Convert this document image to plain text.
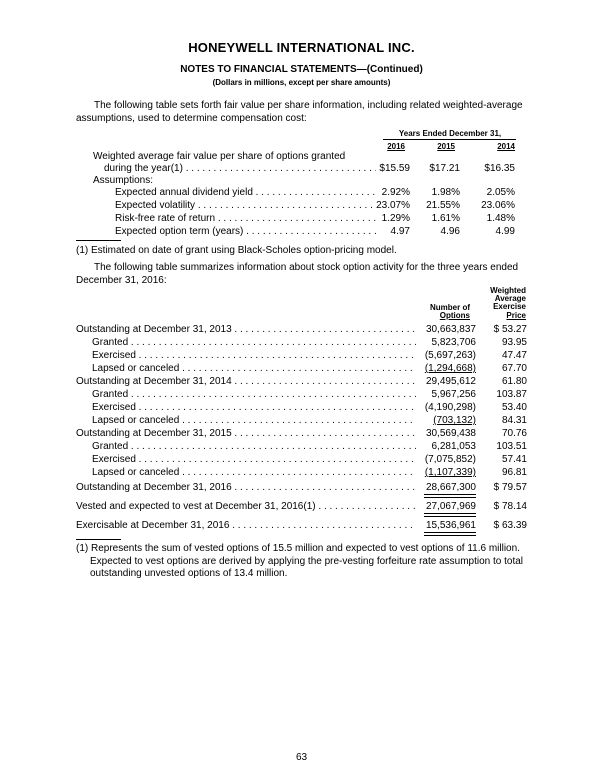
HONEYWELL INTERNATIONAL INC.
NOTES TO FINANCIAL STATEMENTS—(Continued)
(Dollars in millions, except per share amounts)
The following table sets forth fair value per share information, including related weighted-average assumptions, used to determine compensation cost:
Years Ended December 31,
2016	2015	2014
Weighted average fair value per share of options granted
during the year(1) . . .	$15.59	$17.21	$16.35
Assumptions:
Expected annual dividend yield . . .	2.92%	1.98%	2.05%
Expected volatility . . .	23.07%	21.55%	23.06%
Risk-free rate of return . . .	1.29%	1.61%	1.48%
Expected option term (years) . . .	4.97	4.96	4.99
(1) Estimated on date of grant using Black-Scholes option-pricing model.
The following table summarizes information about stock option activity for the three years ended December 31, 2016:
Weighted
Average
Exercise
Price
Number of
Options
Outstanding at December 31, 2013 . . .	30,663,837	$ 53.27
Granted . . .	5,823,706	93.95
Exercised . . .	(5,697,263)	47.47
Lapsed or canceled . . .	(1,294,668)	67.70
Outstanding at December 31, 2014 . . .	29,495,612	61.80
Granted . . .	5,967,256	103.87
Exercised . . .	(4,190,298)	53.40
Lapsed or canceled . . .	(703,132)	84.31
Outstanding at December 31, 2015 . . .	30,569,438	70.76
Granted . . .	6,281,053	103.51
Exercised . . .	(7,075,852)	57.41
Lapsed or canceled . . .	(1,107,339)	96.81
Outstanding at December 31, 2016 . . .	28,667,300	$ 79.57
Vested and expected to vest at December 31, 2016(1) . . .	27,067,969	$ 78.14
Exercisable at December 31, 2016 . . .	15,536,961	$ 63.39
(1) Represents the sum of vested options of 15.5 million and expected to vest options of 11.6 million. Expected to vest options are derived by applying the pre-vesting forfeiture rate assumption to total outstanding unvested options of 13.4 million.
63
